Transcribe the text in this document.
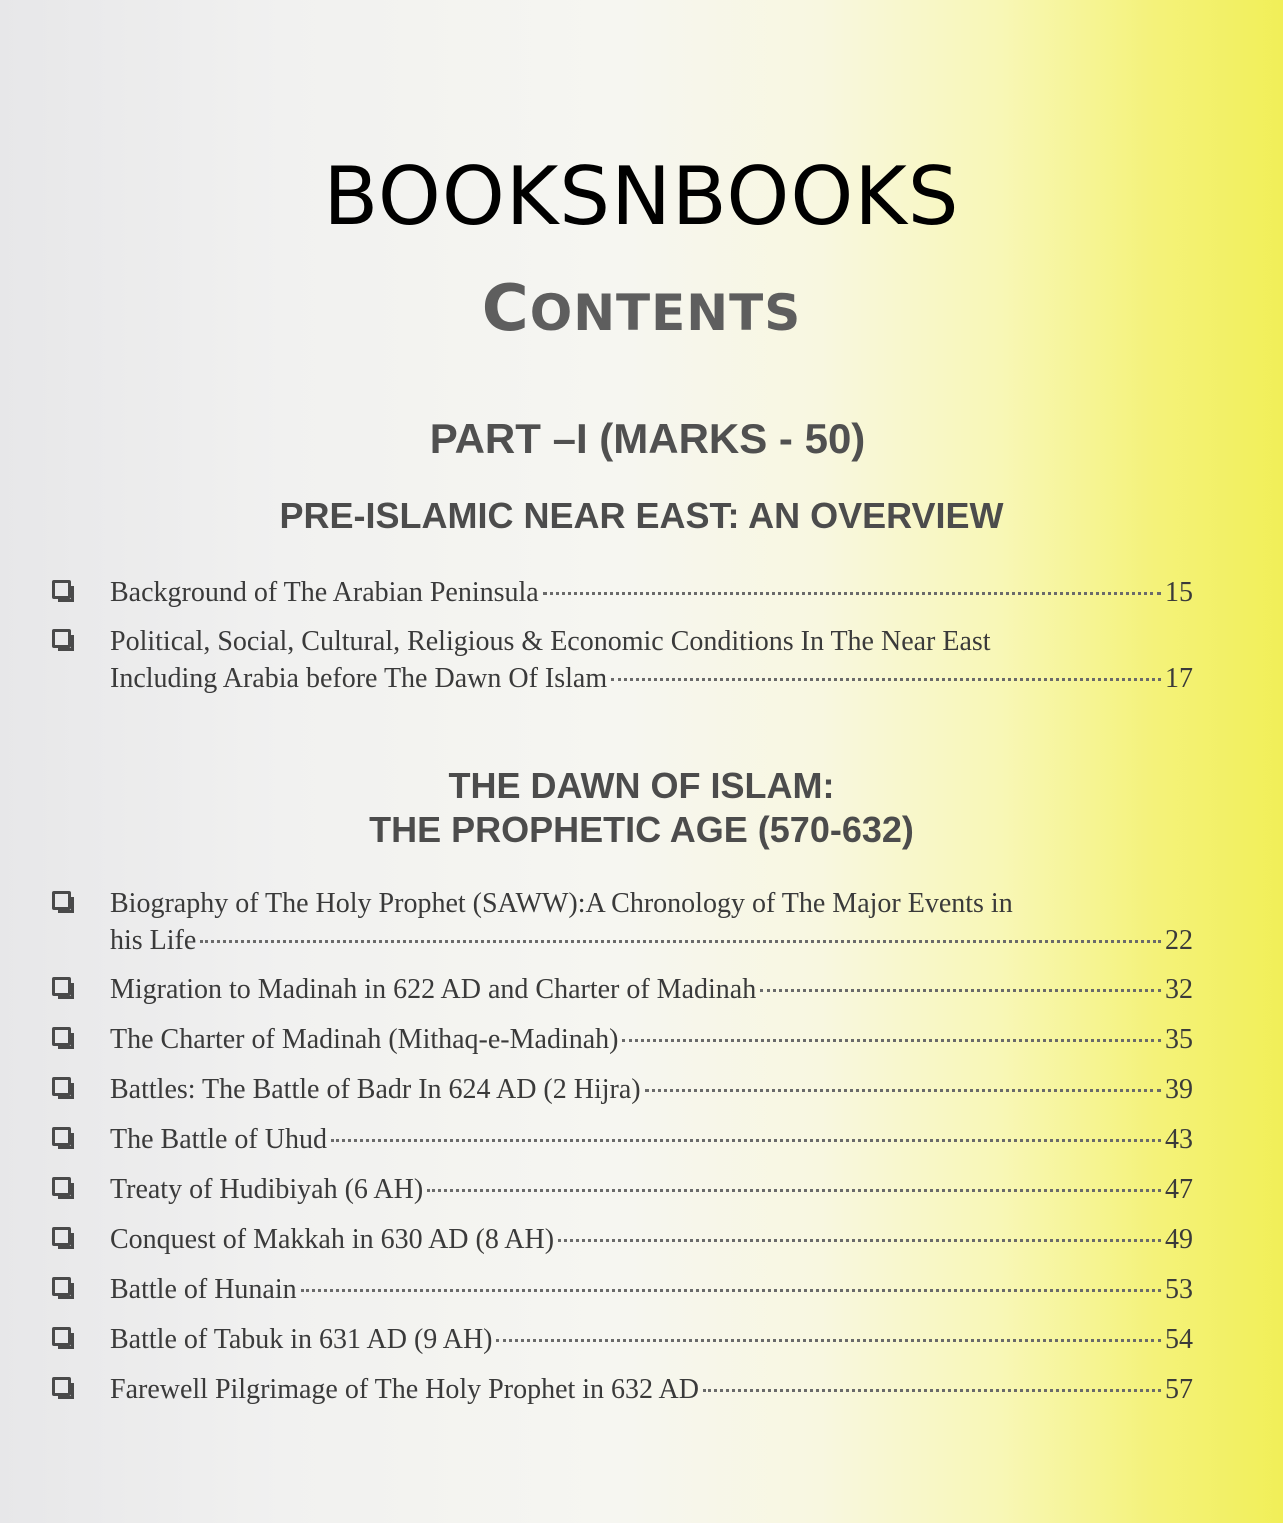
BOOKSNBOOKS
CONTENTS
PART –I (MARKS - 50)
PRE-ISLAMIC NEAR EAST: AN OVERVIEW
Background of The Arabian Peninsula	15
Political, Social, Cultural, Religious & Economic Conditions In The Near East
Including Arabia before The Dawn Of Islam	17
THE DAWN OF ISLAM:
THE PROPHETIC AGE (570-632)
Biography of The Holy Prophet (SAWW):A Chronology of The Major Events in
his Life	22
Migration to Madinah in 622 AD and Charter of Madinah	32
The Charter of Madinah (Mithaq-e-Madinah)	35
Battles: The Battle of Badr In 624 AD (2 Hijra)	39
The Battle of Uhud	43
Treaty of Hudibiyah (6 AH)	47
Conquest of Makkah in 630 AD (8 AH)	49
Battle of Hunain	53
Battle of Tabuk in 631 AD (9 AH)	54
Farewell Pilgrimage of The Holy Prophet in 632 AD	57
